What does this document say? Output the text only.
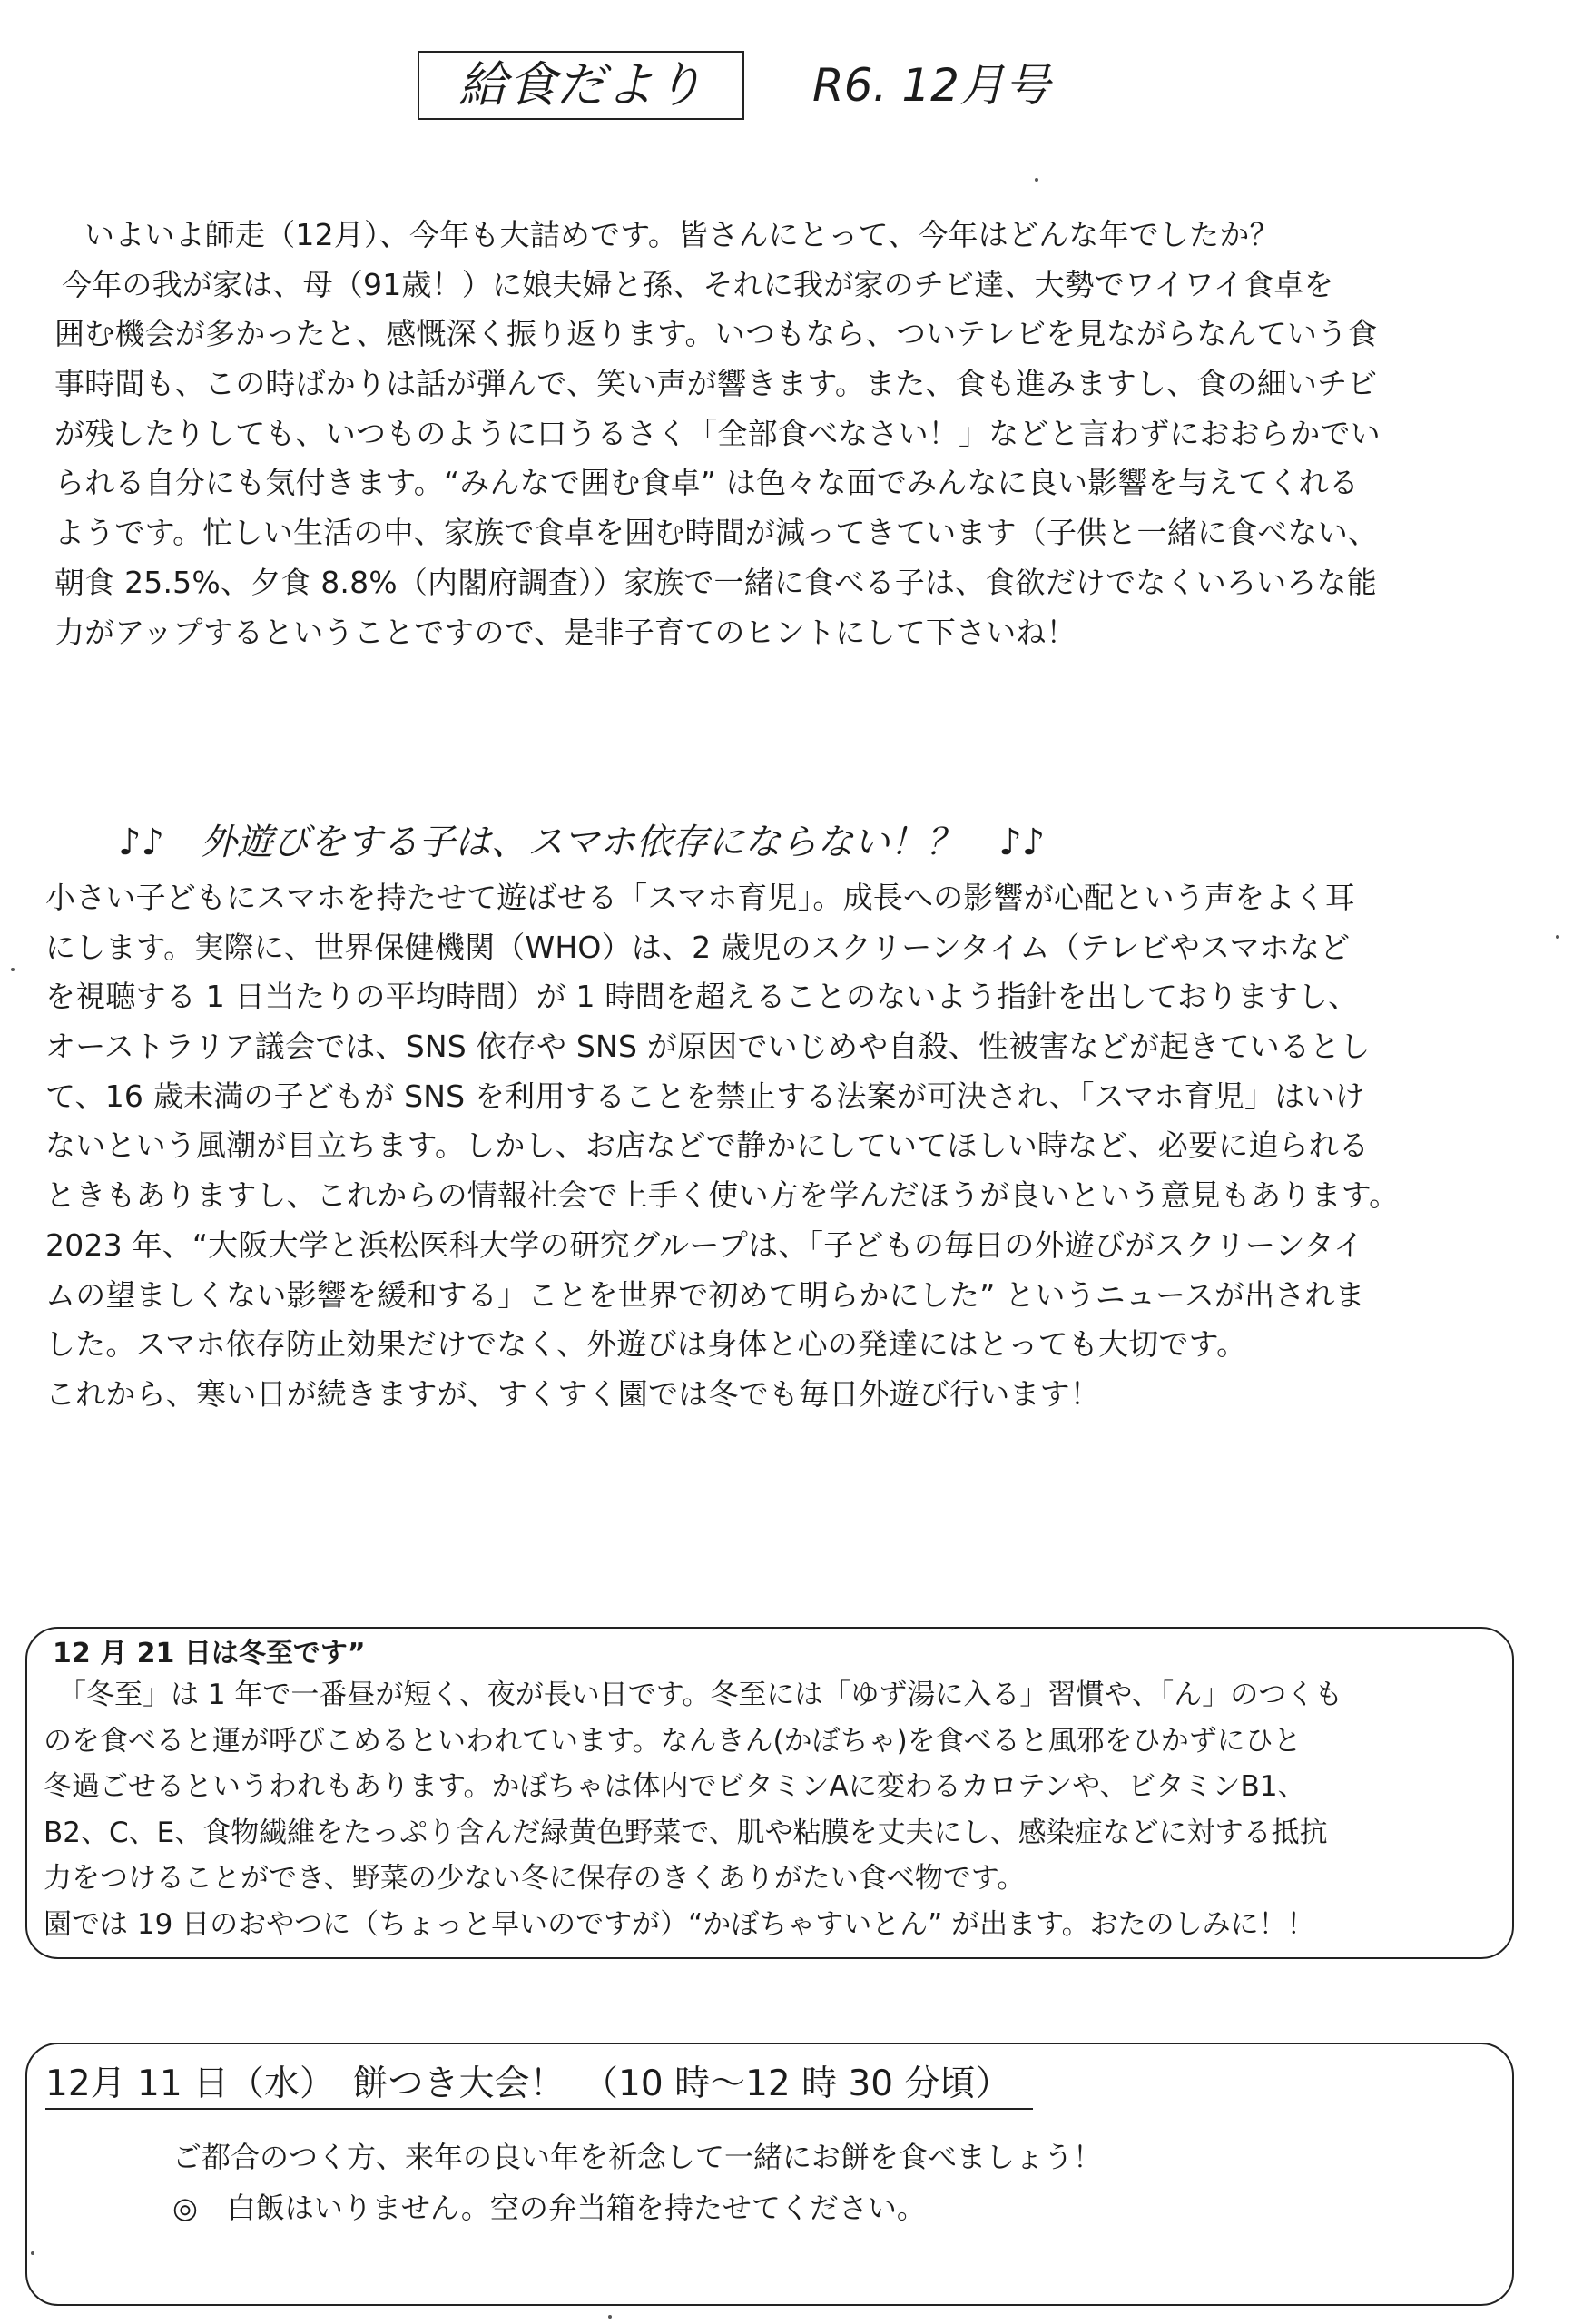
給食だより	R6. 12月号
いよいよ師走（12月）、今年も大詰めです。皆さんにとって、今年はどんな年でしたか？
今年の我が家は、母（91歳！）に娘夫婦と孫、それに我が家のチビ達、大勢でワイワイ食卓を
囲む機会が多かったと、感慨深く振り返ります。いつもなら、ついテレビを見ながらなんていう食
事時間も、この時ばかりは話が弾んで、笑い声が響きます。また、食も進みますし、食の細いチビ
が残したりしても、いつものように口うるさく「全部食べなさい！」などと言わずにおおらかでい
られる自分にも気付きます。“みんなで囲む食卓” は色々な面でみんなに良い影響を与えてくれる
ようです。忙しい生活の中、家族で食卓を囲む時間が減ってきています（子供と一緒に食べない、
朝食 25.5%、夕食 8.8%（内閣府調査））家族で一緒に食べる子は、食欲だけでなくいろいろな能
力がアップするということですので、是非子育てのヒントにして下さいね！
♪♪　外遊びをする子は、スマホ依存にならない！？　♪♪
小さい子どもにスマホを持たせて遊ばせる「スマホ育児」。成長への影響が心配という声をよく耳
にします。実際に、世界保健機関（WHO）は、2 歳児のスクリーンタイム（テレビやスマホなど
を視聴する 1 日当たりの平均時間）が 1 時間を超えることのないよう指針を出しておりますし、
オーストラリア議会では、SNS 依存や SNS が原因でいじめや自殺、性被害などが起きているとし
て、16 歳未満の子どもが SNS を利用することを禁止する法案が可決され、「スマホ育児」はいけ
ないという風潮が目立ちます。しかし、お店などで静かにしていてほしい時など、必要に迫られる
ときもありますし、これからの情報社会で上手く使い方を学んだほうが良いという意見もあります。
2023 年、“大阪大学と浜松医科大学の研究グループは、「子どもの毎日の外遊びがスクリーンタイ
ムの望ましくない影響を緩和する」ことを世界で初めて明らかにした” というニュースが出されま
した。スマホ依存防止効果だけでなく、外遊びは身体と心の発達にはとっても大切です。
これから、寒い日が続きますが、すくすく園では冬でも毎日外遊び行います！
12 月 21 日は冬至です”
「冬至」は 1 年で一番昼が短く、夜が長い日です。冬至には「ゆず湯に入る」習慣や、「ん」のつくも
のを食べると運が呼びこめるといわれています。なんきん(かぼちゃ)を食べると風邪をひかずにひと
冬過ごせるというわれもあります。かぼちゃは体内でビタミンAに変わるカロテンや、ビタミンB1、
B2、C、E、食物繊維をたっぷり含んだ緑黄色野菜で、肌や粘膜を丈夫にし、感染症などに対する抵抗
力をつけることができ、野菜の少ない冬に保存のきくありがたい食べ物です。
園では 19 日のおやつに（ちょっと早いのですが）“かぼちゃすいとん” が出ます。おたのしみに！！
12月 11 日（水）　餅つき大会！　（10 時～12 時 30 分頃）
ご都合のつく方、来年の良い年を祈念して一緒にお餅を食べましょう！
◎　白飯はいりません。空の弁当箱を持たせてください。
